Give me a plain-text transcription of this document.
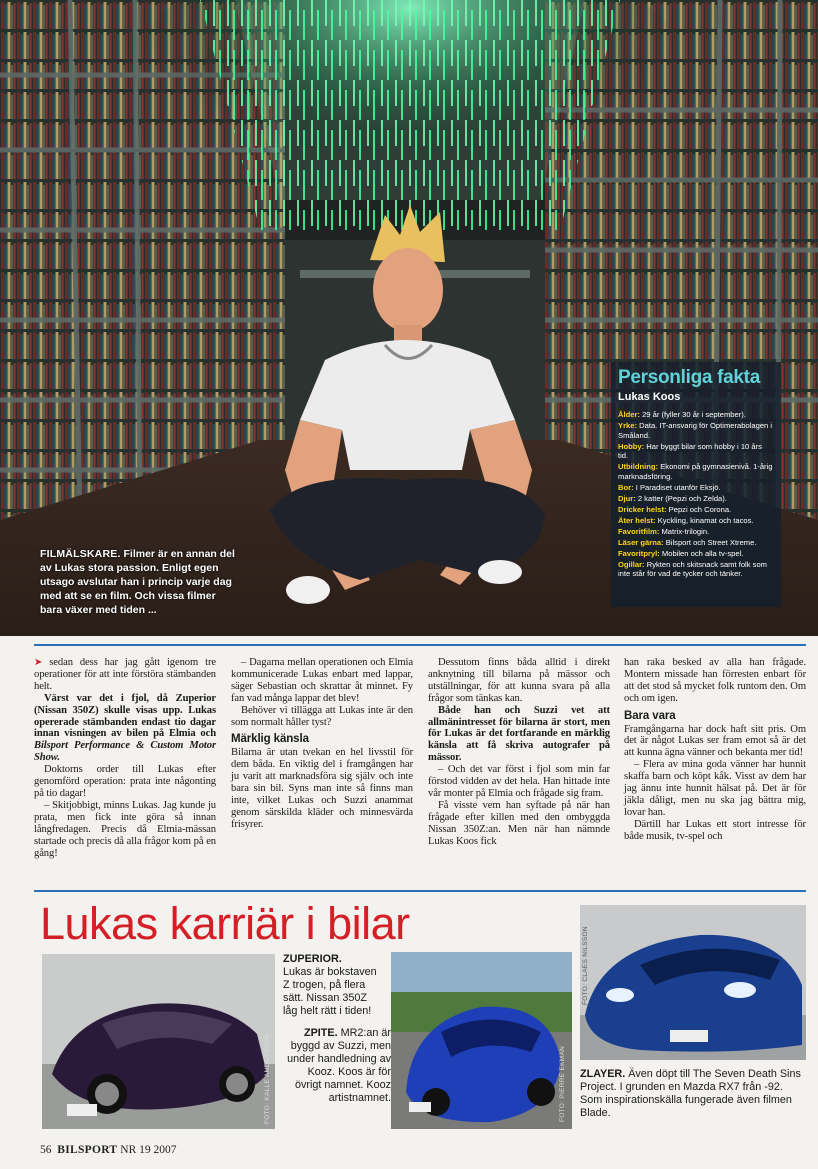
FILMÄLSKARE. Filmer är en annan del av Lukas stora passion. Enligt egen utsago avslutar han i princip varje dag med att se en film. Och vissa filmer bara växer med tiden ...
Personliga fakta
Lukas Koos
Ålder: 29 år (fyller 30 år i september).
Yrke: Data. IT-ansvarig för Optimerabolagen i Småland.
Hobby: Har byggt bilar som hobby i 10 års tid.
Utbildning: Ekonomi på gymnasienivå. 1-årig marknadsföring.
Bor: I Paradiset utanför Eksjö.
Djur: 2 katter (Pepzi och Zelda).
Dricker helst: Pepzi och Corona.
Äter helst: Kyckling, kinamat och tacos.
Favoritfilm: Matrix-trilogin.
Läser gärna: Bilsport och Street Xtreme.
Favoritpryl: Mobilen och alla tv-spel.
Ogillar: Rykten och skitsnack samt folk som inte står för vad de tycker och tänker.

➤ sedan dess har jag gått igenom tre operationer för att inte förstöra stämbanden helt.

Värst var det i fjol, då Zuperior (Nissan 350Z) skulle visas upp. Lukas opererade stämbanden endast tio dagar innan visningen av bilen på Elmia och Bilsport Performance & Custom Motor Show.

Doktorns order till Lukas efter genomförd operation: prata inte någonting på tio dagar!

– Skitjobbigt, minns Lukas. Jag kunde ju prata, men fick inte göra så innan långfredagen. Precis då Elmia-mässan startade och precis då alla frågor kom på en gång!

– Dagarna mellan operationen och Elmia kommunicerade Lukas enbart med lappar, säger Sebastian och skrattar åt minnet. Fy fan vad många lappar det blev!

Behöver vi tillägga att Lukas inte är den som normalt håller tyst?

Märklig känsla

Bilarna är utan tvekan en hel livsstil för dem båda. En viktig del i framgången har ju varit att marknadsföra sig själv och inte bara sin bil. Syns man inte så finns man inte, vilket Lukas och Suzzi anammat genom särskilda kläder och minnesvärda frisyrer.

Dessutom finns båda alltid i direkt anknytning till bilarna på mässor och utställningar, för att kunna svara på alla frågor som tänkas kan.

Både han och Suzzi vet att allmänintresset för bilarna är stort, men för Lukas är det fortfarande en märklig känsla att få skriva autografer på mässor.

– Och det var först i fjol som min far förstod vidden av det hela. Han hittade inte vår monter på Elmia och frågade sig fram.

Få visste vem han syftade på när han frågade efter killen med den ombyggda Nissan 350Z:an. Men när han nämnde Lukas Koos fick

han raka besked av alla han frågade. Montern missade han förresten enbart för att det stod så mycket folk runtom den. Om och om igen.

Bara vara

Framgångarna har dock haft sitt pris. Om det är något Lukas ser fram emot så är det att kunna ägna vänner och bekanta mer tid!

– Flera av mina goda vänner har hunnit skaffa barn och köpt kåk. Visst av dem har jag ännu inte hunnit hälsat på. Det är för jäkla dåligt, men nu ska jag bättra mig, lovar han.

Därtill har Lukas ett stort intresse för både musik, tv-spel och

Lukas karriär i bilar
FOTO: KALLE ANDERSSON
ZUPERIOR.
Lukas är bokstaven Z trogen, på flera sätt. Nissan 350Z låg helt rätt i tiden!
ZPITE. MR2:an är byggd av Suzzi, men under handledning av Kooz. Koos är för övrigt namnet. Kooz artistnamnet.	FOTO: PIERRE EKMAN
FOTO: CLAES NILSSON
ZLAYER. Även döpt till The Seven Death Sins Project. I grunden en Mazda RX7 från -92. Som inspirationskälla fungerade även filmen Blade.
56 BILSPORT NR 19 2007
